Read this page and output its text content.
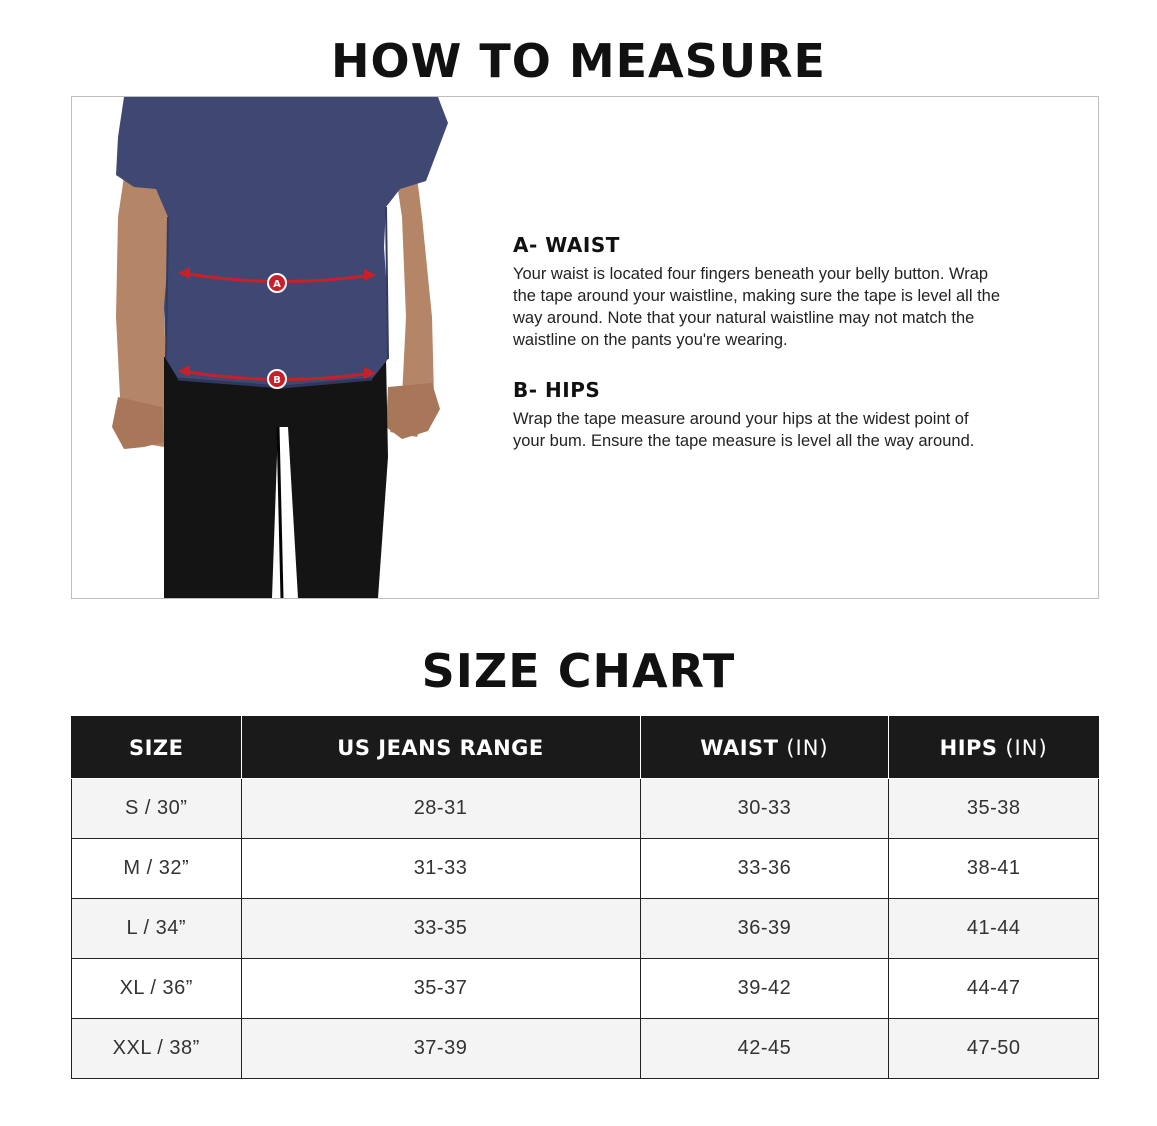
HOW TO MEASURE
A
B
A- WAIST

Your waist is located four fingers beneath your belly button. Wrap the tape around your waistline, making sure the tape is level all the way around. Note that your natural waistline may not match the waistline on the pants you're wearing.

B- HIPS

Wrap the tape measure around your hips at the widest point of your bum. Ensure the tape measure is level all the way around.

SIZE CHART
SIZE	US JEANS RANGE	WAIST (IN)	HIPS (IN)
S / 30”	28-31	30-33	35-38
M / 32”	31-33	33-36	38-41
L / 34”	33-35	36-39	41-44
XL / 36”	35-37	39-42	44-47
XXL / 38”	37-39	42-45	47-50
